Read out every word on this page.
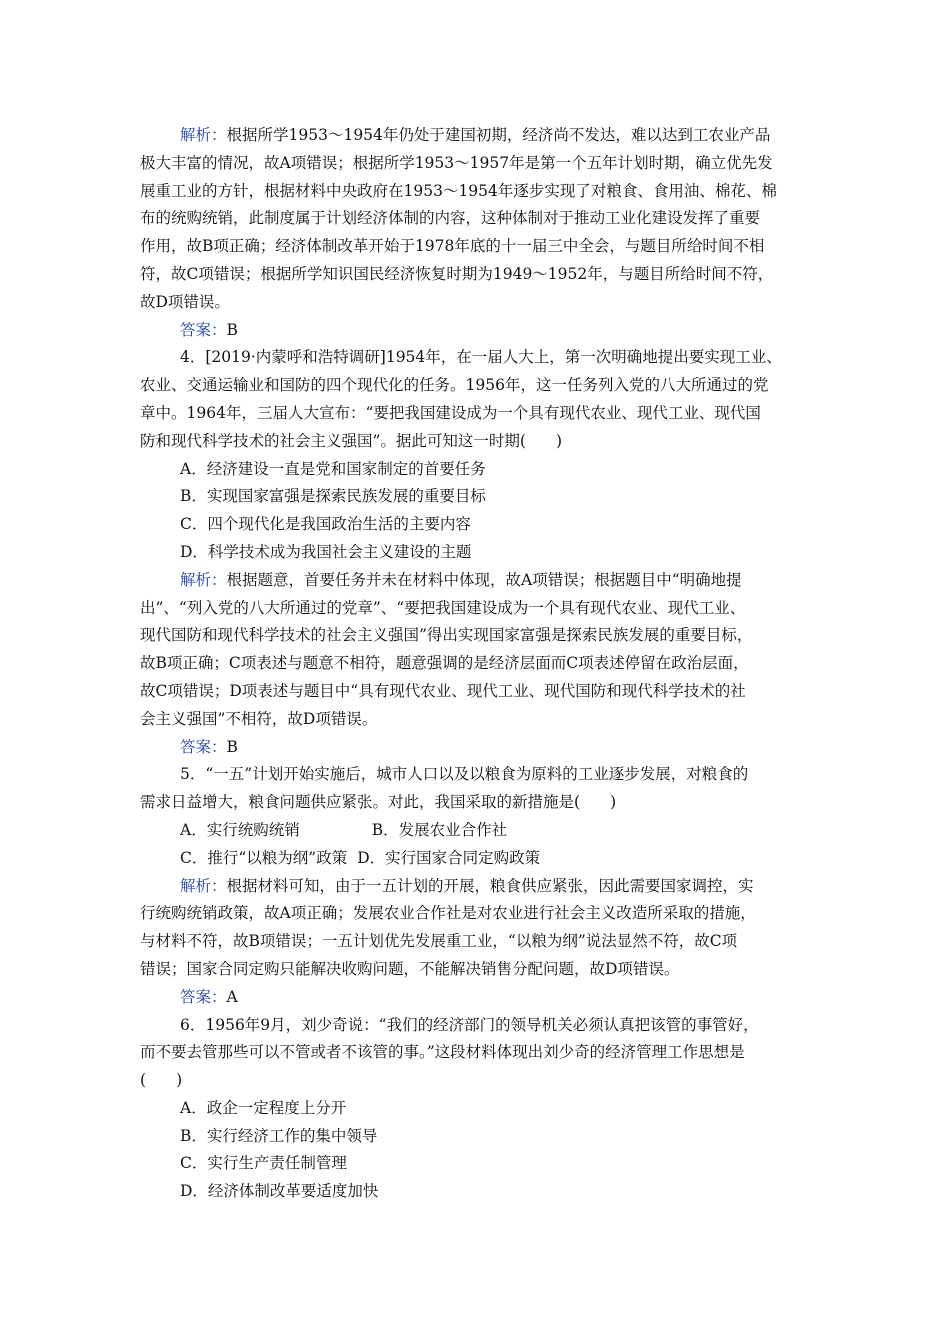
解析：根据所学1953～1954年仍处于建国初期，经济尚不发达，难以达到工农业产品
极大丰富的情况，故A项错误；根据所学1953～1957年是第一个五年计划时期，确立优先发
展重工业的方针，根据材料中央政府在1953～1954年逐步实现了对粮食、食用油、棉花、棉
布的统购统销，此制度属于计划经济体制的内容，这种体制对于推动工业化建设发挥了重要
作用，故B项正确；经济体制改革开始于1978年底的十一届三中全会，与题目所给时间不相
符，故C项错误；根据所学知识国民经济恢复时期为1949～1952年，与题目所给时间不符，
故D项错误。
答案：B
4．[2019·内蒙呼和浩特调研]1954年，在一届人大上，第一次明确地提出要实现工业、
农业、交通运输业和国防的四个现代化的任务。1956年，这一任务列入党的八大所通过的党
章中。1964年，三届人大宣布：“要把我国建设成为一个具有现代农业、现代工业、现代国
防和现代科学技术的社会主义强国”。据此可知这一时期( )
A．经济建设一直是党和国家制定的首要任务
B．实现国家富强是探索民族发展的重要目标
C．四个现代化是我国政治生活的主要内容
D．科学技术成为我国社会主义建设的主题
解析：根据题意，首要任务并未在材料中体现，故A项错误；根据题目中“明确地提
出”、“列入党的八大所通过的党章”、“要把我国建设成为一个具有现代农业、现代工业、
现代国防和现代科学技术的社会主义强国”得出实现国家富强是探索民族发展的重要目标，
故B项正确；C项表述与题意不相符，题意强调的是经济层面而C项表述停留在政治层面，
故C项错误；D项表述与题目中“具有现代农业、现代工业、现代国防和现代科学技术的社
会主义强国”不相符，故D项错误。
答案：B
5．“一五”计划开始实施后，城市人口以及以粮食为原料的工业逐步发展，对粮食的
需求日益增大，粮食问题供应紧张。对此，我国采取的新措施是( )
A．实行统购统销	B．发展农业合作社
C．推行“以粮为纲”政策 D．实行国家合同定购政策
解析：根据材料可知，由于一五计划的开展，粮食供应紧张，因此需要国家调控，实
行统购统销政策，故A项正确；发展农业合作社是对农业进行社会主义改造所采取的措施，
与材料不符，故B项错误；一五计划优先发展重工业，“以粮为纲”说法显然不符，故C项
错误；国家合同定购只能解决收购问题，不能解决销售分配问题，故D项错误。
答案：A
6．1956年9月，刘少奇说：“我们的经济部门的领导机关必须认真把该管的事管好，
而不要去管那些可以不管或者不该管的事。”这段材料体现出刘少奇的经济管理工作思想是
( )
A．政企一定程度上分开
B．实行经济工作的集中领导
C．实行生产责任制管理
D．经济体制改革要适度加快
